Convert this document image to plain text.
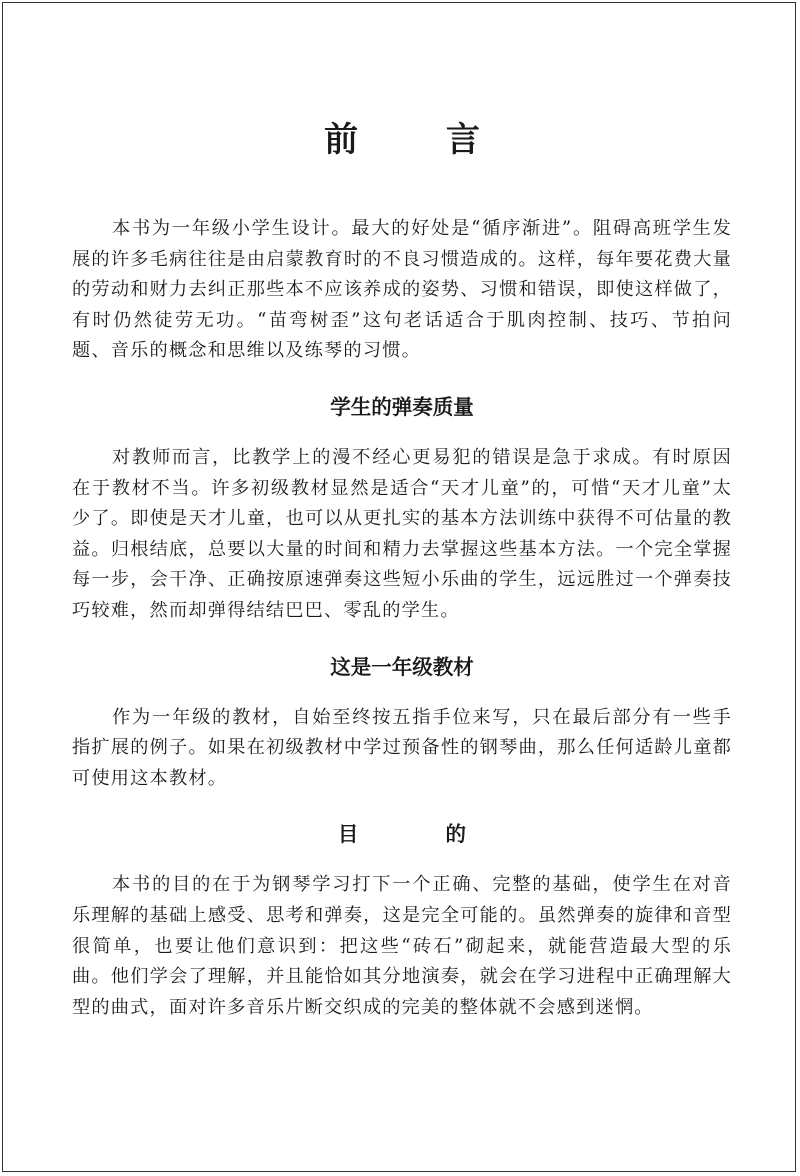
前 言

本书为一年级小学生设计。最大的好处是“循序渐进”。阻碍高班学生发展的许多毛病往往是由启蒙教育时的不良习惯造成的。这样，每年要花费大量的劳动和财力去纠正那些本不应该养成的姿势、习惯和错误，即使这样做了，有时仍然徒劳无功。“苗弯树歪”这句老话适合于肌肉控制、技巧、节拍问题、音乐的概念和思维以及练琴的习惯。

学生的弹奏质量

对教师而言，比教学上的漫不经心更易犯的错误是急于求成。有时原因在于教材不当。许多初级教材显然是适合“天才儿童”的，可惜“天才儿童”太少了。即使是天才儿童，也可以从更扎实的基本方法训练中获得不可估量的教益。归根结底，总要以大量的时间和精力去掌握这些基本方法。一个完全掌握每一步，会干净、正确按原速弹奏这些短小乐曲的学生，远远胜过一个弹奏技巧较难，然而却弹得结结巴巴、零乱的学生。

这是一年级教材

作为一年级的教材，自始至终按五指手位来写，只在最后部分有一些手指扩展的例子。如果在初级教材中学过预备性的钢琴曲，那么任何适龄儿童都可使用这本教材。

目 的

本书的目的在于为钢琴学习打下一个正确、完整的基础，使学生在对音乐理解的基础上感受、思考和弹奏，这是完全可能的。虽然弹奏的旋律和音型很简单，也要让他们意识到：把这些“砖石”砌起来，就能营造最大型的乐曲。他们学会了理解，并且能恰如其分地演奏，就会在学习进程中正确理解大型的曲式，面对许多音乐片断交织成的完美的整体就不会感到迷惘。
